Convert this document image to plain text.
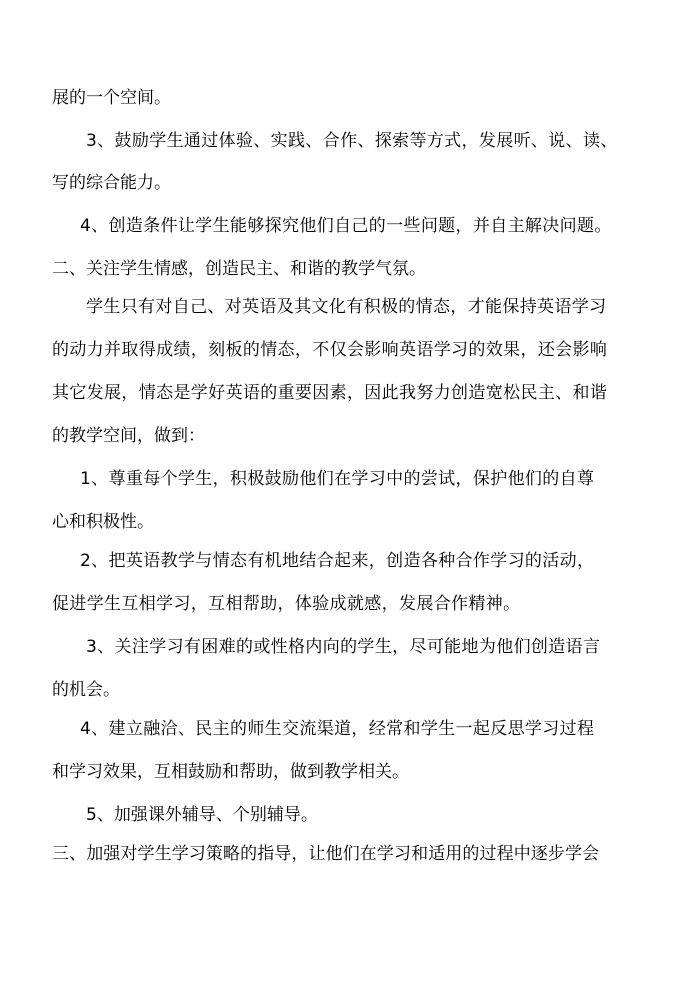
展的一个空间。
3、鼓励学生通过体验、实践、合作、探索等方式，发展听、说、读、
写的综合能力。
4、创造条件让学生能够探究他们自己的一些问题，并自主解决问题。
二、关注学生情感，创造民主、和谐的教学气氛。
学生只有对自己、对英语及其文化有积极的情态，才能保持英语学习
的动力并取得成绩，刻板的情态，不仅会影响英语学习的效果，还会影响
其它发展，情态是学好英语的重要因素，因此我努力创造宽松民主、和谐
的教学空间，做到：
1、尊重每个学生，积极鼓励他们在学习中的尝试，保护他们的自尊
心和积极性。
2、把英语教学与情态有机地结合起来，创造各种合作学习的活动，
促进学生互相学习，互相帮助，体验成就感，发展合作精神。
3、关注学习有困难的或性格内向的学生，尽可能地为他们创造语言
的机会。
4、建立融洽、民主的师生交流渠道，经常和学生一起反思学习过程
和学习效果，互相鼓励和帮助，做到教学相关。
5、加强课外辅导、个别辅导。
三、加强对学生学习策略的指导，让他们在学习和适用的过程中逐步学会
